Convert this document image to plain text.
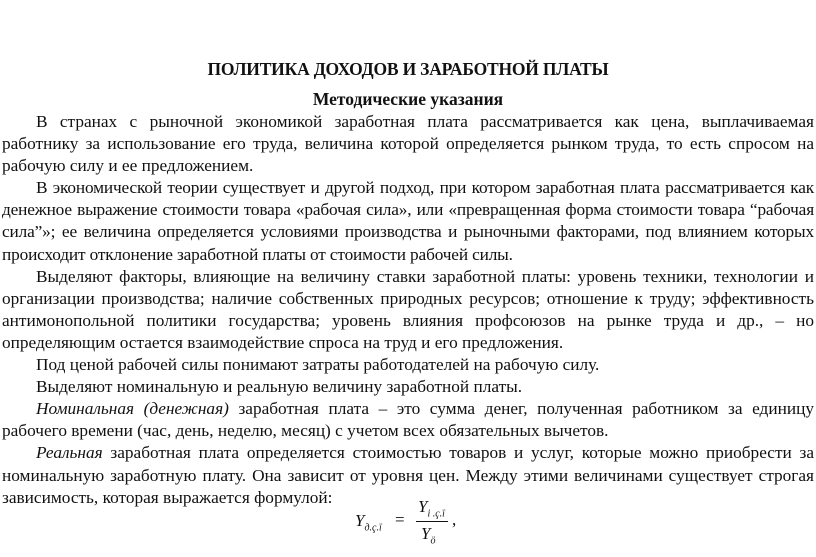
ПОЛИТИКА ДОХОДОВ И ЗАРАБОТНОЙ ПЛАТЫ
Методические указания

В странах с рыночной экономикой заработная плата рассматривается как цена, выплачиваемая работнику за использование его труда, величина которой определяется рынком труда, то есть спросом на рабочую силу и ее предложением.

В экономической теории существует и другой подход, при котором заработная плата рассматривается как денежное выражение стоимости товара «рабочая сила», или «превращенная форма стоимости товара “рабочая сила”»; ее величина определяется условиями производства и рыночными факторами, под влиянием которых происходит отклонение заработной платы от стоимости рабочей силы.

Выделяют факторы, влияющие на величину ставки заработной платы: уровень техники, технологии и организации производства; наличие собственных природных ресурсов; отношение к труду; эффективность антимонопольной политики государства; уровень влияния профсоюзов на рынке труда и др., – но определяющим остается взаимодействие спроса на труд и его предложения.

Под ценой рабочей силы понимают затраты работодателей на рабочую силу.

Выделяют номинальную и реальную величину заработной платы.

Номинальная (денежная) заработная плата – это сумма денег, полученная работником за единицу рабочего времени (час, день, неделю, месяц) с учетом всех обязательных вычетов.

Реальная заработная плата определяется стоимостью товаров и услуг, которые можно приобрести за номинальную заработную плату. Она зависит от уровня цен. Между этими величинами существует строгая зависимость, которая выражается формулой:

$Y_{д.ç.ï}$ =
$Y_{i .ç.ï}$
$Y_ö$
,
